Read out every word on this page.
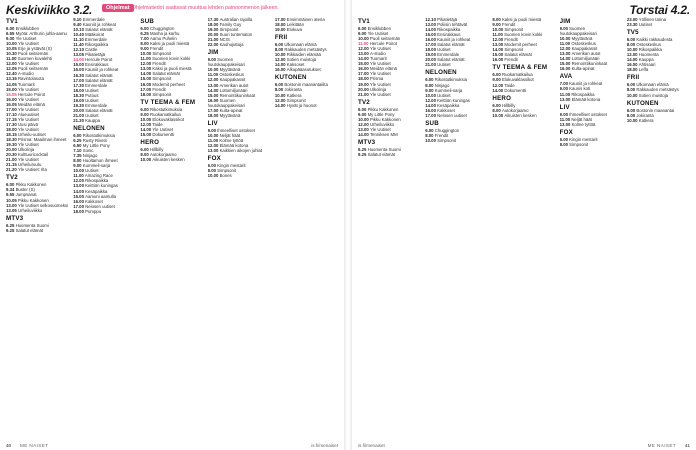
Keskiviikko 3.2.	Ohjelmat Ohjelmatiedot saattavat muuttua lehden painoonmenon jälkeen.
TV1
6.00 Ensiklubben
6.55 Myöta: Arthurin juhla-aamu
9.00 Yle Uutiset
10.00 Yle Uutiset
10.05 Erje ja ystävät (S)
10.30 Puoli seitsemän
11.00 Suomen kuvalehti
12.00 Yle Uutiset
12.05 Puoli seitsemän
12.40 A-studio
13.15 Ravintolasota
14.05 Tuomarit
15.00 Yle Uutiset
15.05 Hercule Poirot
16.00 Yle Uutiset
16.05 Meidän elämä
17.00 Yle Uutiset
17.10 Alueuutiset
17.15 Yle Uutiset
17.30 Uusi päivä
18.00 Yle Uutiset
18.15 Urheilu-uutiset
18.30 Prisma: Maailman ihmeet
19.30 Yle Uutiset
20.00 Ulkolinja
20.30 Kulttuuricocktail
21.00 Yle Uutiset
21.15 Urheiluruutu
21.20 Yle Uutiset: Ilta
TV2
6.00 Pikku Kakkonen
9.34 Buster (S)
9.55 Jumpsanat
10.05 Pikku Kakkonen
13.00 Yle Uutiset selkosuomeksi
13.05 Urheiluviikko
MTV3
6.25 Huomenta Suomi
9.25 Salatut elämät
9.10 Emmerdale
9.40 Kauniit ja rohkeat
10.10 Salatut elämät
10.40 Määkoirat
11.10 Emmerdale
11.40 Rikospaikka
12.10 Castle
13.05 Pikatietäjä
14.00 Hercule Poirot
15.00 Ensirakkaus
16.00 Kauniit ja rohkeat
16.30 Salatut elämät
17.00 Salatut elämät
17.30 Emmerdale
18.00 Uutiset
18.30 Putous
19.00 Uutiset
19.30 Emmerdale
20.00 Salatut elämät
21.00 Uutiset
21.30 Kauppa
NELONEN
6.00 Rikostutkimuksia
6.25 Rusty Rivets
6.50 My Little Pony
7.10 Sonic
7.35 Ninjago
8.00 Huoltamon ihmeet
9.00 Kummeli-sarja
10.00 Uutiset
11.00 Amazing Race
12.00 Rikospaikka
13.00 Keittiön kuningas
14.00 Kesäpaikka
15.00 Aamuni aamulla
16.00 Kakkoset
17.00 Nelosen uutiset
18.00 Pumppu
SUB
6.00 Chuggington
6.25 Masha ja karhu
7.00 Aamu Puhelin
8.00 Kaksi ja puoli miestä
9.00 Frendit
10.00 Simpsonit
11.00 Suomen kovin kokki
12.00 Frendit
13.00 Kaksi ja puoli miestä
14.00 Salatut elämät
15.00 Simpsonit
16.00 Modernit perheet
17.00 Frendit
18.00 Simpsonit
TV TEEMA & FEM
6.00 Rikostutkimuksia
9.00 Ruokamatkailua
10.00 Elokuvaklassikot
12.00 Taide
14.00 Yle Uutiset
15.00 Dokumentti
HERO
6.00 Hillbilly
8.00 Autokorjaamo
10.00 Aikuisten kesken
17.30 Australian rajoilla
18.00 Family Guy
19.00 Simpsonit
20.00 Suuri tuntematon
21.00 NCIS
22.00 Kauhujuttuja
JIM
9.00 Suomen huutokauppakeisari
10.00 Myytävänä
11.00 Ostoskeskus
12.00 Kauppakassit
13.00 Amerikan autot
14.00 Lottomiljonääri
15.00 Remonttikuninkaat
16.00 Suomen huutokauppakeisari
17.00 Kulta-apinat
18.00 Myytävänä
LIV
9.00 Ihmeelliset ostokset
10.00 Neljät häät
11.00 Kolme tyttöä
12.00 Elämää kotona
13.00 Kaikkien aikojen juhlat
FOX
6.00 Kingin mestarit
8.00 Simpsonit
10.00 Bones
17.00 Ensimmäinen ateria
18.00 Leikitään
19.00 Elokuva
FRII
6.00 Ulkomaan elämä
8.00 Rakkauden metsästys
10.00 Rikkaiden elämää
12.00 Sotien muistoja
14.00 Kaksoset
16.00 Alkupääasutukset
KUTONEN
6.00 Bostonin maanantaiilta
8.00 Jokiranta
10.00 Katkera
12.00 Simpsonit
14.00 Hyvät ja huonot
40 ME NAISET	is.fi/menaiset
Torstai 4.2.
TV1
6.00 Ensiklubben
9.00 Yle Uutiset
10.00 Puoli seitsemän
11.00 Hercule Poirot
12.00 Yle Uutiset
13.00 A-studio
14.00 Tuomarit
15.00 Yle Uutiset
16.00 Meidän elämä
17.00 Yle Uutiset
18.00 Prisma
19.00 Yle Uutiset
20.00 Ulkolinja
21.00 Yle Uutiset
TV2
6.00 Pikku Kakkonen
9.00 My Little Pony
10.00 Pikku Kakkonen
12.00 Urheiluviikko
13.00 Yle Uutiset
14.00 Tenniksen MM
MTV3
6.25 Huomenta Suomi
9.25 Salatut elämät
12.10 Pikatietäjä
13.00 Poliisin tehtävät
14.00 Rikospaikka
15.00 Ensirakkaus
16.00 Kauniit ja rohkeat
17.00 Salatut elämät
18.00 Uutiset
19.00 Emmerdale
20.00 Salatut elämät
21.00 Uutiset
NELONEN
6.00 Rikostutkimuksia
8.00 Ninjago
9.00 Kummeli-sarja
10.00 Uutiset
12.00 Keittiön kuningas
14.00 Kesäpaikka
16.00 Kakkoset
17.00 Nelosen uutiset
SUB
6.00 Chuggington
8.00 Frendit
10.00 Simpsonit
8.00 Kaksi ja puoli miestä
9.00 Frendit
10.00 Simpsonit
11.00 Suomen kovin kokki
12.00 Frendit
13.00 Modernit perheet
14.00 Simpsonit
15.00 Salatut elämät
16.00 Frendit
TV TEEMA & FEM
6.00 Ruokamatkailua
9.00 Elokuvaklassikot
12.00 Taide
14.00 Dokumentti
HERO
6.00 Hillbilly
8.00 Autokorjaamo
10.00 Aikuisten kesken
JIM
9.00 Suomen huutokauppakeisari
10.00 Myytävänä
11.00 Ostoskeskus
12.00 Kauppakassit
13.00 Amerikan autot
14.00 Lottomiljonääri
15.00 Remonttikuninkaat
16.00 Kulta-apinat
AVA
7.00 Kauniit ja rohkeat
9.00 Kaunis koti
11.00 Rikospaikka
13.00 Elämää kotona
LIV
9.00 Ihmeelliset ostokset
11.00 Neljät häät
13.00 Kolme tyttöä
FOX
6.00 Kingin mestarit
8.00 Simpsonit
23.00 Yöllinen tarina
23.30 Uutiset
TV5
6.00 Kaikki rakkaudesta
8.00 Ostoskeskus
10.00 Rikospaikka
12.00 Huomenta
14.00 Kauppa
16.00 Ahtisaari
18.00 Leffa
FRII
6.00 Ulkomaan elämä
8.00 Rakkauden metsästys
10.00 Sotien muistoja
KUTONEN
6.00 Bostonin maanantai
8.00 Jokiranta
10.00 Katkera
is.fi/menaiset	ME NAISET 41
